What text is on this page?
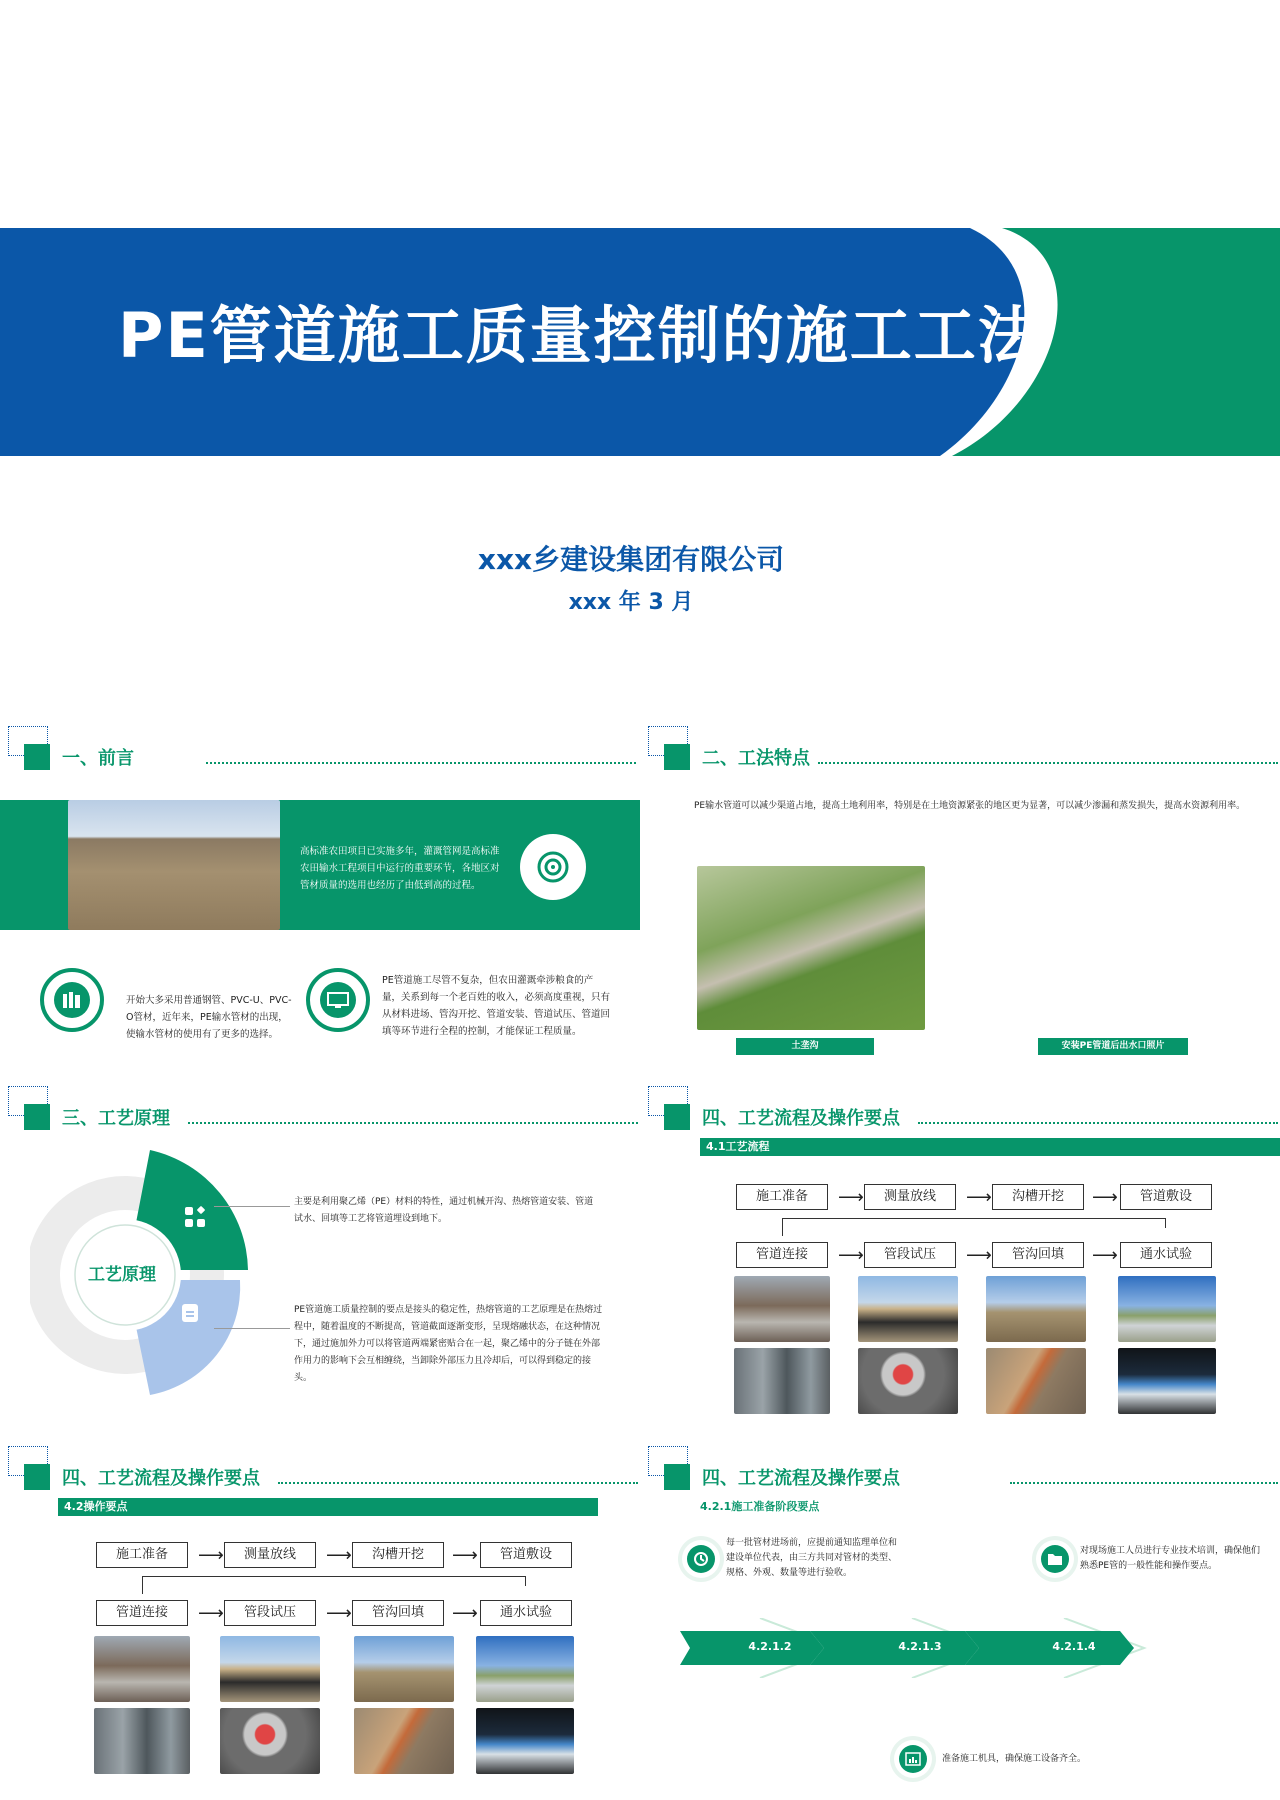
PE管道施工质量控制的施工工法
xxx乡建设集团有限公司
xxx 年 3 月
一、前言
高标准农田项目已实施多年，灌溉管网是高标准农田输水工程项目中运行的重要环节，各地区对管材质量的选用也经历了由低到高的过程。
开始大多采用普通钢管、PVC-U、PVC-O管材，近年来，PE输水管材的出现，使输水管材的使用有了更多的选择。
PE管道施工尽管不复杂，但农田灌溉牵涉粮食的产量，关系到每一个老百姓的收入，必须高度重视，只有从材料进场、管沟开挖、管道安装、管道试压、管道回填等环节进行全程的控制，才能保证工程质量。
二、工法特点
PE输水管道可以减少渠道占地，提高土地利用率，特别是在土地资源紧张的地区更为显著，可以减少渗漏和蒸发损失，提高水资源利用率。
土垄沟	安装PE管道后出水口照片
三、工艺原理
工艺原理
主要是利用聚乙烯（PE）材料的特性，通过机械开沟、热熔管道安装、管道试水、回填等工艺将管道埋设到地下。
PE管道施工质量控制的要点是接头的稳定性，热熔管道的工艺原理是在热熔过程中，随着温度的不断提高，管道截面逐渐变形，呈现熔融状态，在这种情况下，通过施加外力可以将管道两端紧密贴合在一起，聚乙烯中的分子链在外部作用力的影响下会互相缠绕，当卸除外部压力且冷却后，可以得到稳定的接头。
四、工艺流程及操作要点
4.1工艺流程
施工准备	⟶	测量放线	⟶	沟槽开挖	⟶	管道敷设
管道连接	⟶	管段试压	⟶	管沟回填	⟶	通水试验
四、工艺流程及操作要点
4.2操作要点
施工准备	⟶	测量放线	⟶	沟槽开挖	⟶	管道敷设
管道连接	⟶	管段试压	⟶	管沟回填	⟶	通水试验
四、工艺流程及操作要点
4.2.1施工准备阶段要点
每一批管材进场前，应提前通知监理单位和建设单位代表，由三方共同对管材的类型、规格、外观、数量等进行验收。
对现场施工人员进行专业技术培训，确保他们熟悉PE管的一般性能和操作要点。
4.2.1.2	4.2.1.3	4.2.1.4
准备施工机具，确保施工设备齐全。
